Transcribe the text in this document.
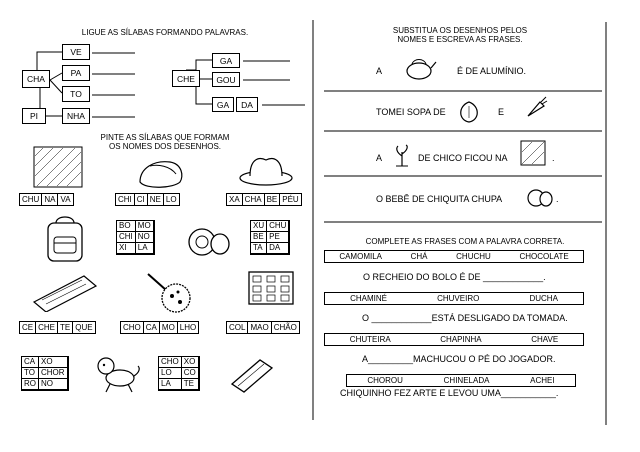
LIGUE AS SÍLABAS FORMANDO PALAVRAS.
CHA
PI
VE
PA
TO
NHA
CHE
GA
GOU
GA	DA
PINTE AS SÍLABAS QUE FORMAM
OS NOMES DOS DESENHOS.
CHU NA VA	CHI CI NE LO	XA CHA BE PÉU
BO MO
CHI NO
XI	LA
XU CHU
BE PE
TA DA
CE CHE TE QUE	CHO CA MO LHO	COL MAO CHÃO
CA XO
TO CHOR
RO NO
CHO XO
LO	CO
LA	TE
SUBSTITUA OS DESENHOS PELOS
NOMES E ESCREVA AS FRASES.
A	É DE ALUMÍNIO.
TOMEI SOPA DE	E
A	DE CHICO FICOU NA	.
O BEBÊ DE CHIQUITA CHUPA	.
COMPLETE AS FRASES COM A PALAVRA CORRETA.
CAMOMILA	CHÁ	CHUCHU	CHOCOLATE
O RECHEIO DO BOLO É DE ____________.
CHAMINÉ	CHUVEIRO	DUCHA
O ____________ESTÁ DESLIGADO DA TOMADA.
CHUTEIRA	CHAPINHA	CHAVE
A_________MACHUCOU O PÉ DO JOGADOR.
CHOROU	CHINELADA	ACHEI
CHIQUINHO FEZ ARTE E LEVOU UMA___________.
